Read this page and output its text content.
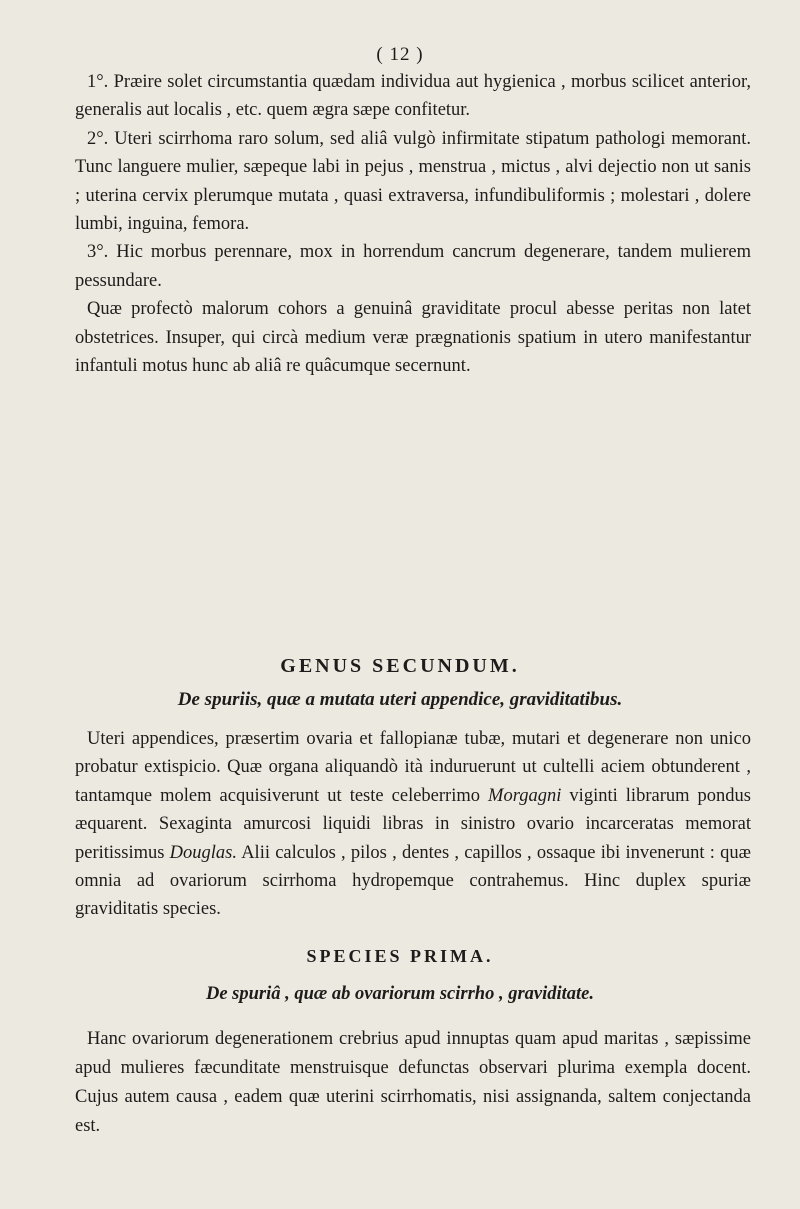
( 12 )

1°. Præire solet circumstantia quædam individua aut hygienica , morbus scilicet anterior, generalis aut localis , etc. quem ægra sæpe confitetur.

2°. Uteri scirrhoma raro solum, sed aliâ vulgò infirmitate stipatum pathologi memorant. Tunc languere mulier, sæpeque labi in pejus , menstrua , mictus , alvi dejectio non ut sanis ; uterina cervix plerumque mutata , quasi extraversa, infundibuliformis ; molestari , dolere lumbi, inguina, femora.

3°. Hic morbus perennare, mox in horrendum cancrum degenerare, tandem mulierem pessundare.

Quæ profectò malorum cohors a genuinâ graviditate procul abesse peritas non latet obstetrices. Insuper, qui circà medium veræ prægnationis spatium in utero manifestantur infantuli motus hunc ab aliâ re quâcumque secernunt.

GENUS SECUNDUM.
De spuriis, quæ a mutata uteri appendice, graviditatibus.

Uteri appendices, præsertim ovaria et fallopianæ tubæ, mutari et degenerare non unico probatur extispicio. Quæ organa aliquandò ità induruerunt ut cultelli aciem obtunderent , tantamque molem acquisiverunt ut teste celeberrimo Morgagni viginti librarum pondus æquarent. Sexaginta amurcosi liquidi libras in sinistro ovario incarceratas memorat peritissimus Douglas. Alii calculos , pilos , dentes , capillos , ossaque ibi invenerunt : quæ omnia ad ovariorum scirrhoma hydropemque contrahemus. Hinc duplex spuriæ graviditatis species.

SPECIES PRIMA.
De spuriâ , quæ ab ovariorum scirrho , graviditate.

Hanc ovariorum degenerationem crebrius apud innuptas quam apud maritas , sæpissime apud mulieres fæcunditate menstruisque defunctas observari plurima exempla docent. Cujus autem causa , eadem quæ uterini scirrhomatis, nisi assignanda, saltem conjectanda est.
